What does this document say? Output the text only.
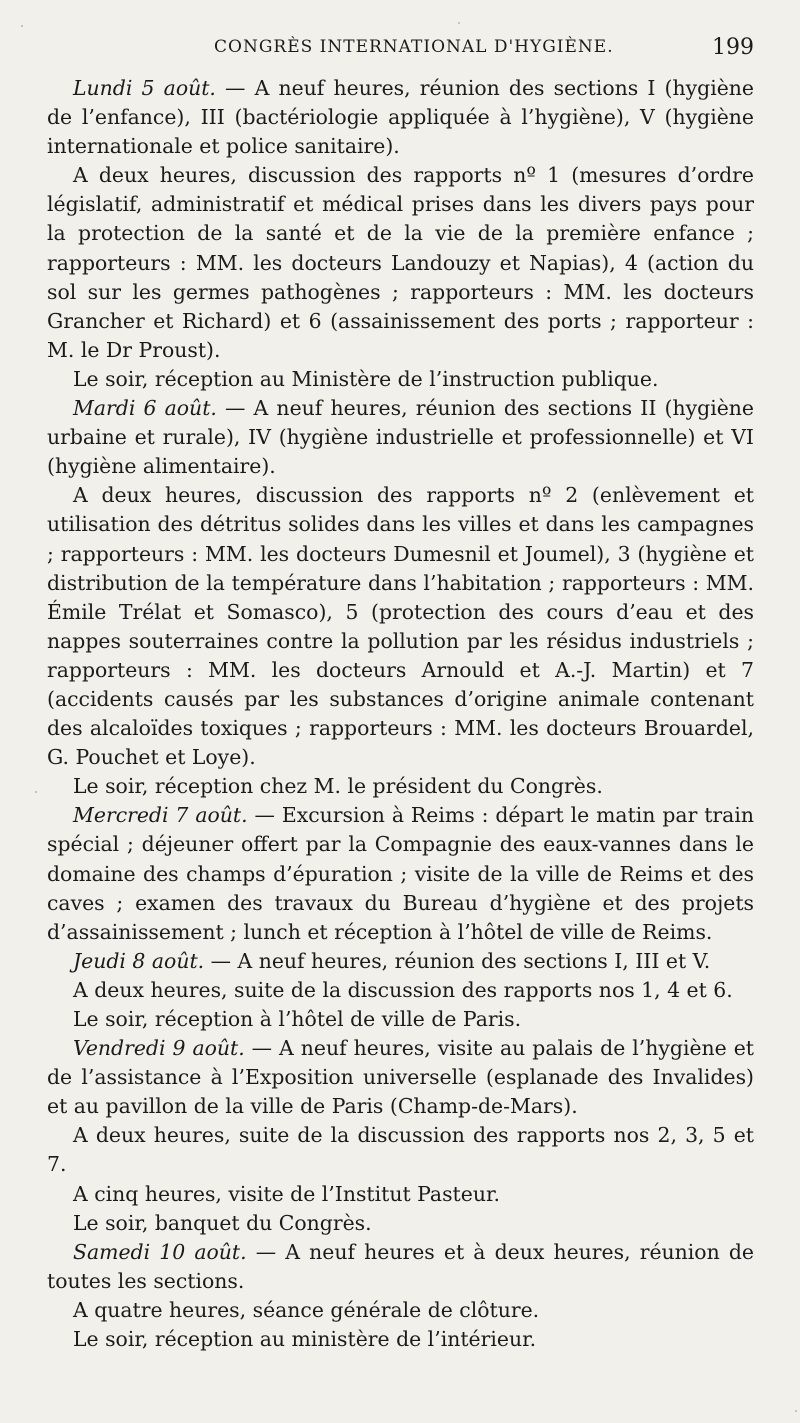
CONGRÈS INTERNATIONAL D'HYGIÈNE.	199

Lundi 5 août. — A neuf heures, réunion des sections I (hygiène de l’enfance), III (bactériologie appliquée à l’hygiène), V (hygiène internationale et police sanitaire).

A deux heures, discussion des rapports nº 1 (mesures d’ordre législatif, administratif et médical prises dans les divers pays pour la protection de la santé et de la vie de la première enfance ; rapporteurs : MM. les docteurs Landouzy et Napias), 4 (action du sol sur les germes pathogènes ; rapporteurs : MM. les docteurs Grancher et Richard) et 6 (assainissement des ports ; rapporteur : M. le Dr Proust).

Le soir, réception au Ministère de l’instruction publique.

Mardi 6 août. — A neuf heures, réunion des sections II (hygiène urbaine et rurale), IV (hygiène industrielle et professionnelle) et VI (hygiène alimentaire).

A deux heures, discussion des rapports nº 2 (enlèvement et utilisation des détritus solides dans les villes et dans les campagnes ; rapporteurs : MM. les docteurs Dumesnil et Joumel), 3 (hygiène et distribution de la température dans l’habitation ; rapporteurs : MM. Émile Trélat et Somasco), 5 (protection des cours d’eau et des nappes souterraines contre la pollution par les résidus industriels ; rapporteurs : MM. les docteurs Arnould et A.-J. Martin) et 7 (accidents causés par les substances d’origine animale contenant des alcaloïdes toxiques ; rapporteurs : MM. les docteurs Brouardel, G. Pouchet et Loye).

Le soir, réception chez M. le président du Congrès.

Mercredi 7 août. — Excursion à Reims : départ le matin par train spécial ; déjeuner offert par la Compagnie des eaux-vannes dans le domaine des champs d’épuration ; visite de la ville de Reims et des caves ; examen des travaux du Bureau d’hygiène et des projets d’assainissement ; lunch et réception à l’hôtel de ville de Reims.

Jeudi 8 août. — A neuf heures, réunion des sections I, III et V.

A deux heures, suite de la discussion des rapports nos 1, 4 et 6.

Le soir, réception à l’hôtel de ville de Paris.

Vendredi 9 août. — A neuf heures, visite au palais de l’hygiène et de l’assistance à l’Exposition universelle (esplanade des Invalides) et au pavillon de la ville de Paris (Champ-de-Mars).

A deux heures, suite de la discussion des rapports nos 2, 3, 5 et 7.

A cinq heures, visite de l’Institut Pasteur.

Le soir, banquet du Congrès.

Samedi 10 août. — A neuf heures et à deux heures, réunion de toutes les sections.

A quatre heures, séance générale de clôture.

Le soir, réception au ministère de l’intérieur.
